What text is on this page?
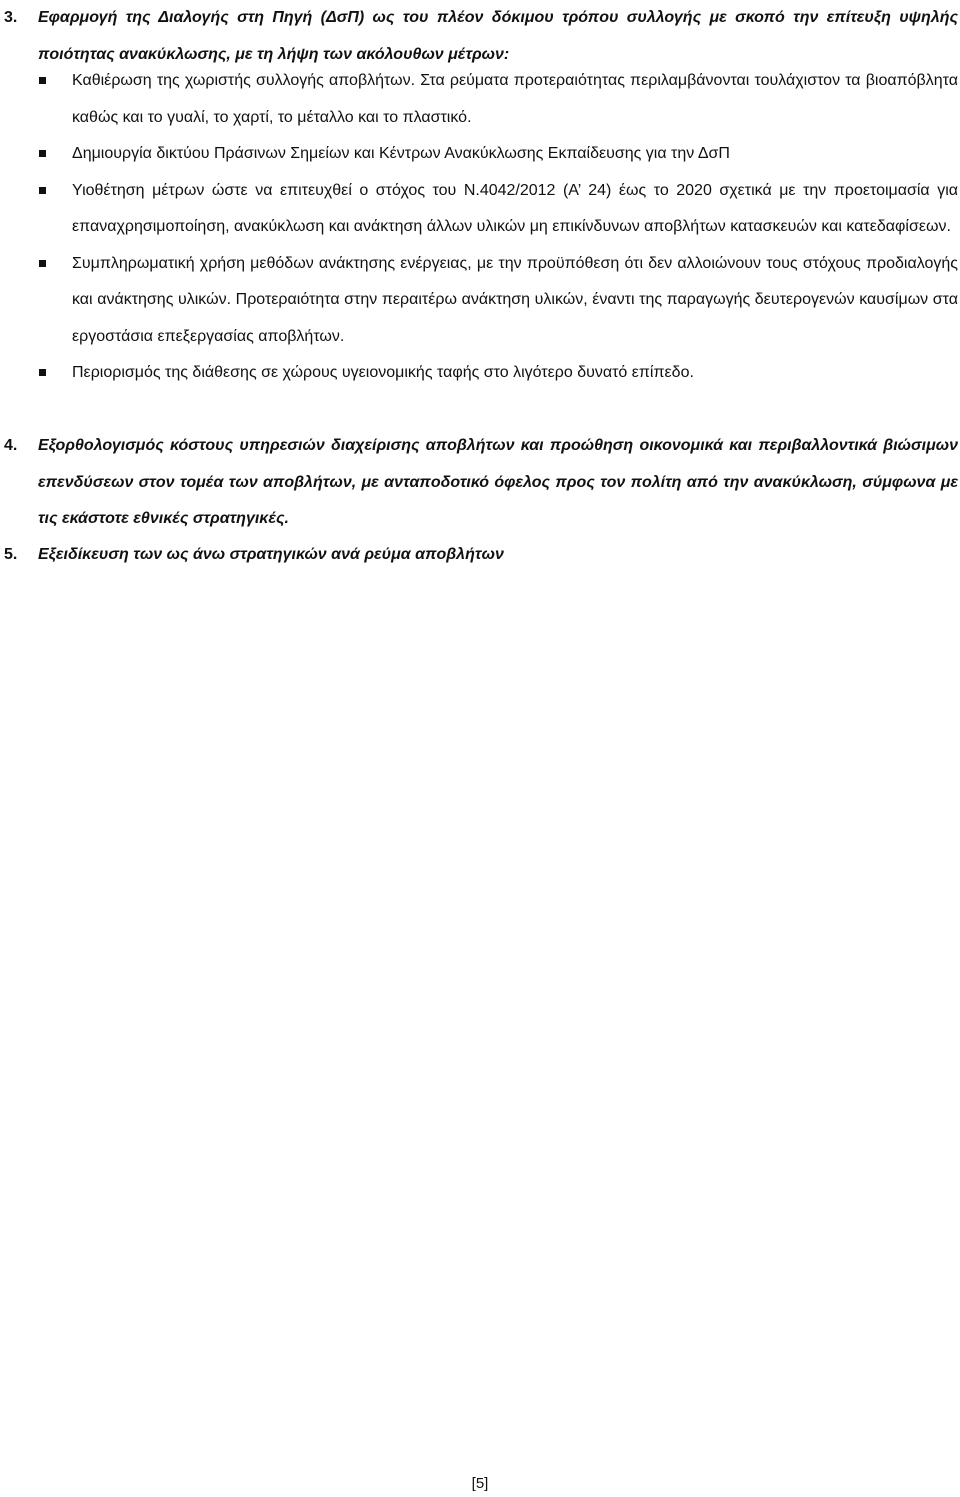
3. Εφαρμογή της Διαλογής στη Πηγή (ΔσΠ) ως του πλέον δόκιμου τρόπου συλλογής με σκοπό την επίτευξη υψηλής ποιότητας ανακύκλωσης, με τη λήψη των ακόλουθων μέτρων:
Καθιέρωση της χωριστής συλλογής αποβλήτων. Στα ρεύματα προτεραιότητας περιλαμβάνονται τουλάχιστον τα βιοαπόβλητα καθώς και το γυαλί, το χαρτί, το μέταλλο και το πλαστικό.
Δημιουργία δικτύου Πράσινων Σημείων και Κέντρων Ανακύκλωσης Εκπαίδευσης για την ΔσΠ
Υιοθέτηση μέτρων ώστε να επιτευχθεί ο στόχος του Ν.4042/2012 (Α’ 24) έως το 2020 σχετικά με την προετοιμασία για επαναχρησιμοποίηση, ανακύκλωση και ανάκτηση άλλων υλικών μη επικίνδυνων αποβλήτων κατασκευών και κατεδαφίσεων.
Συμπληρωματική χρήση μεθόδων ανάκτησης ενέργειας, με την προϋπόθεση ότι δεν αλλοιώνουν τους στόχους προδιαλογής και ανάκτησης υλικών. Προτεραιότητα στην περαιτέρω ανάκτηση υλικών, έναντι της παραγωγής δευτερογενών καυσίμων στα εργοστάσια επεξεργασίας αποβλήτων.
Περιορισμός της διάθεσης σε χώρους υγειονομικής ταφής στο λιγότερο δυνατό επίπεδο.
4. Εξορθολογισμός κόστους υπηρεσιών διαχείρισης αποβλήτων και προώθηση οικονομικά και περιβαλλοντικά βιώσιμων επενδύσεων στον τομέα των αποβλήτων, με ανταποδοτικό όφελος προς τον πολίτη από την ανακύκλωση, σύμφωνα με τις εκάστοτε εθνικές στρατηγικές.
5. Εξειδίκευση των ως άνω στρατηγικών ανά ρεύμα αποβλήτων
[5]
